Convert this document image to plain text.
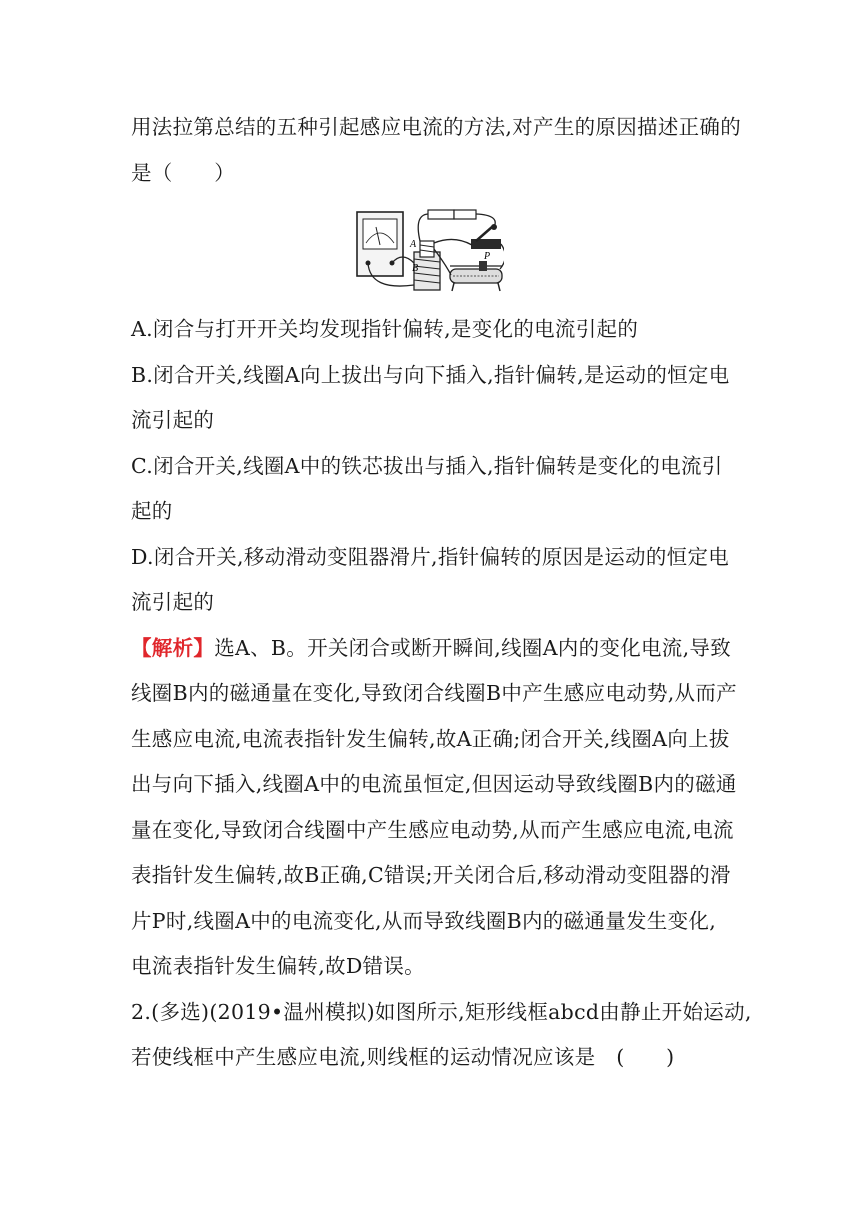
用法拉第总结的五种引起感应电流的方法,对产生的原因描述正确的
是（　　）
A
B
P
A.闭合与打开开关均发现指针偏转,是变化的电流引起的
B.闭合开关,线圈A向上拔出与向下插入,指针偏转,是运动的恒定电
流引起的
C.闭合开关,线圈A中的铁芯拔出与插入,指针偏转是变化的电流引
起的
D.闭合开关,移动滑动变阻器滑片,指针偏转的原因是运动的恒定电
流引起的
【解析】选A、B。开关闭合或断开瞬间,线圈A内的变化电流,导致
线圈B内的磁通量在变化,导致闭合线圈B中产生感应电动势,从而产
生感应电流,电流表指针发生偏转,故A正确;闭合开关,线圈A向上拔
出与向下插入,线圈A中的电流虽恒定,但因运动导致线圈B内的磁通
量在变化,导致闭合线圈中产生感应电动势,从而产生感应电流,电流
表指针发生偏转,故B正确,C错误;开关闭合后,移动滑动变阻器的滑
片P时,线圈A中的电流变化,从而导致线圈B内的磁通量发生变化,
电流表指针发生偏转,故D错误。
2.(多选)(2019•温州模拟)如图所示,矩形线框abcd由静止开始运动,
若使线框中产生感应电流,则线框的运动情况应该是　(　　)
